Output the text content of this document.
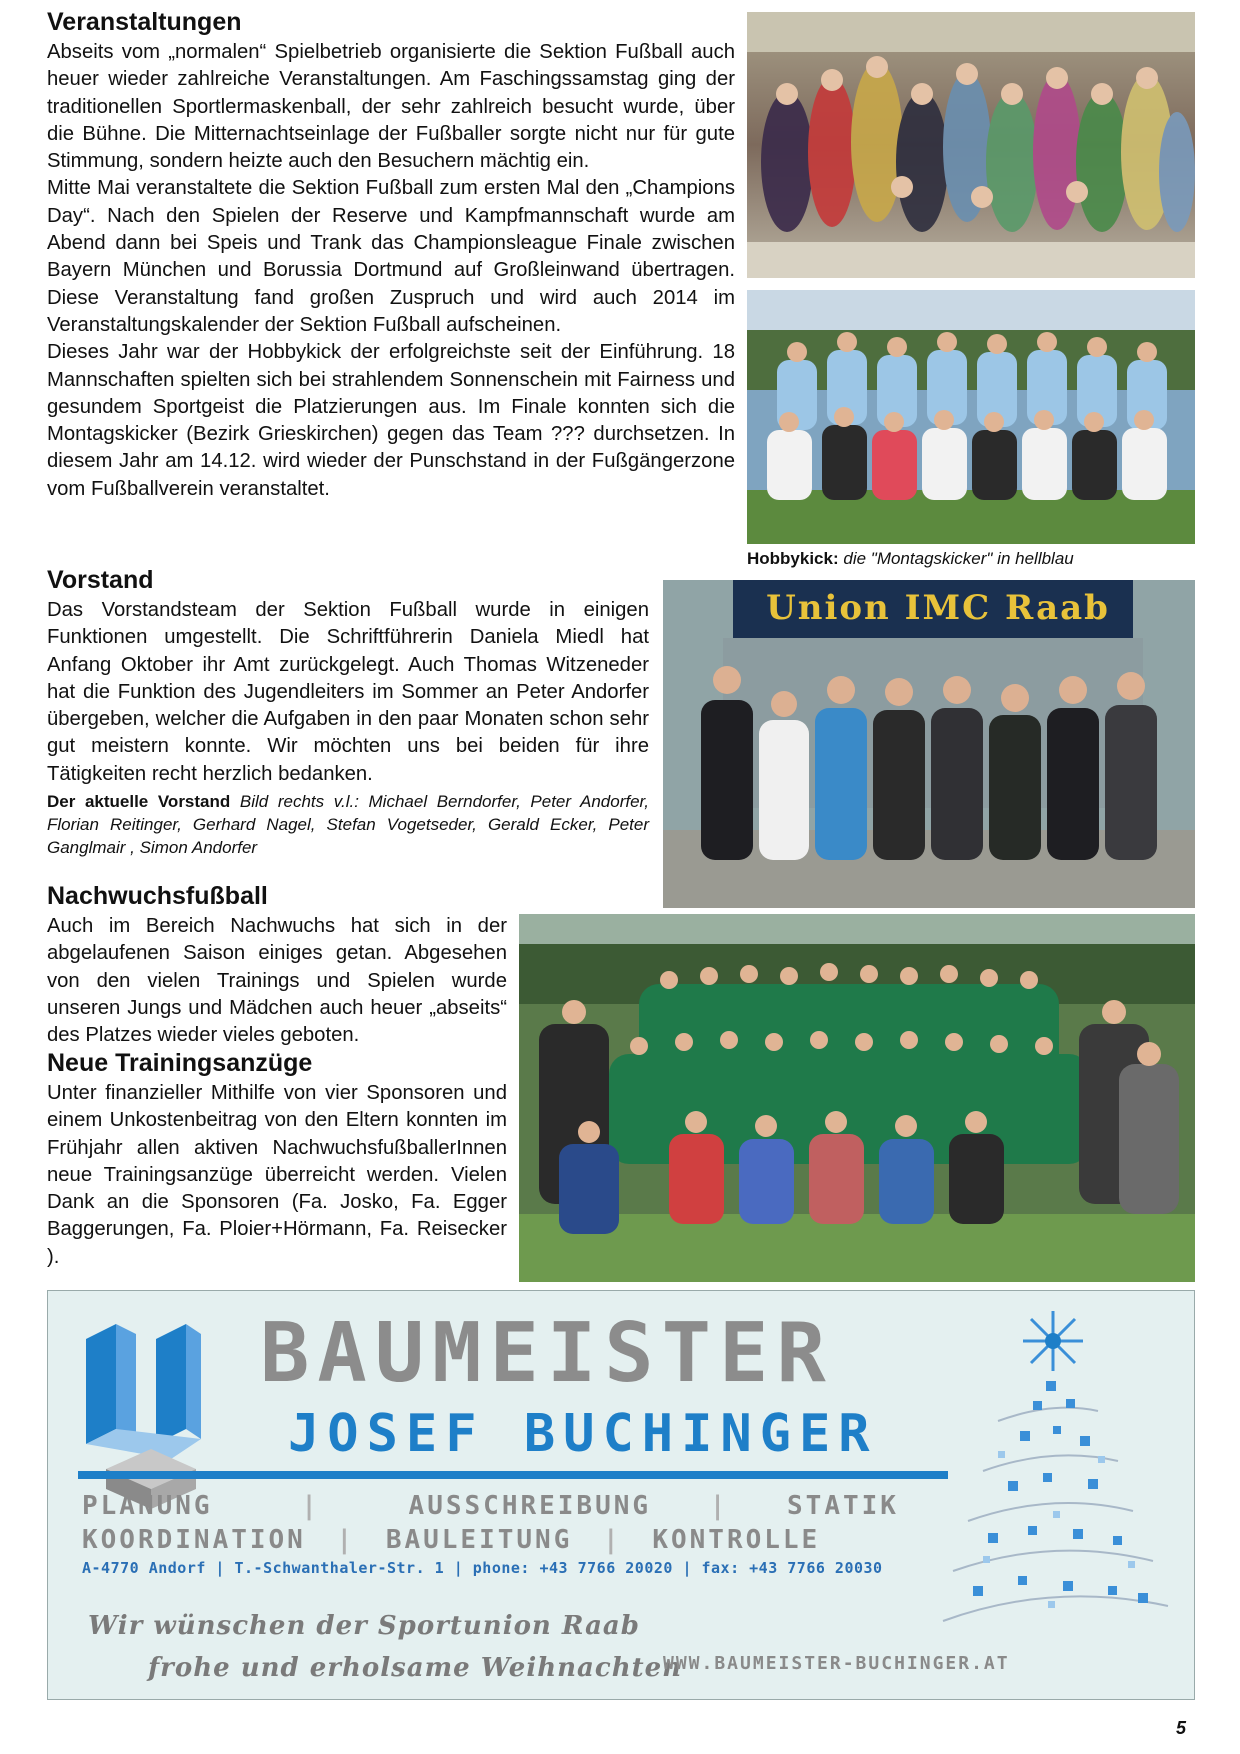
Veranstaltungen

Abseits vom „normalen“ Spielbetrieb organisierte die Sektion Fußball auch heuer wieder zahlreiche Veranstaltungen. Am Faschingssamstag ging der traditionellen Sportlermaskenball, der sehr zahlreich besucht wurde, über die Bühne. Die Mitternachtseinlage der Fußballer sorgte nicht nur für gute Stimmung, sondern heizte auch den Besuchern mächtig ein.

Mitte Mai veranstaltete die Sektion Fußball zum ersten Mal den „Champions Day“. Nach den Spielen der Reserve und Kampfmannschaft wurde am Abend dann bei Speis und Trank das Championsleague Finale zwischen Bayern München und Borussia Dortmund auf Großleinwand übertragen. Diese Veranstaltung fand großen Zuspruch und wird auch 2014 im Veranstaltungskalender der Sektion Fußball aufscheinen.

Dieses Jahr war der Hobbykick der erfolgreichste seit der Einführung. 18 Mannschaften spielten sich bei strahlendem Sonnenschein mit Fairness und gesundem Sportgeist die Platzierungen aus. Im Finale konnten sich die Montagskicker (Bezirk Grieskirchen) gegen das Team ??? durchsetzen. In diesem Jahr am 14.12. wird wieder der Punschstand in der Fußgängerzone vom Fußballverein veranstaltet.

Hobbykick: die "Montagskicker" in hellblau
Vorstand

Das Vorstandsteam der Sektion Fußball wurde in einigen Funktionen umgestellt. Die Schriftführerin Daniela Miedl hat Anfang Oktober ihr Amt zurückgelegt. Auch Thomas Witzeneder hat die Funktion des Jugendleiters im Sommer an Peter Andorfer übergeben, welcher die Aufgaben in den paar Monaten schon sehr gut meistern konnte. Wir möchten uns bei beiden für ihre Tätigkeiten recht herzlich bedanken.

Der aktuelle Vorstand Bild rechts v.l.: Michael Berndorfer, Peter Andorfer, Florian Reitinger, Gerhard Nagel, Stefan Vogetseder, Gerald Ecker, Peter Ganglmair , Simon Andorfer
Union IMC Raab
Nachwuchsfußball

Auch im Bereich Nachwuchs hat sich in der abgelaufenen Saison einiges getan. Abgesehen von den vielen Trainings und Spielen wurde unseren Jungs und Mädchen auch heuer „abseits“ des Platzes wieder vieles geboten.

Neue Trainingsanzüge

Unter finanzieller Mithilfe von vier Sponsoren und einem Unkostenbeitrag von den Eltern konnten im Frühjahr allen aktiven NachwuchsfußballerInnen neue Trainingsanzüge überreicht werden. Vielen Dank an die Sponsoren (Fa. Josko, Fa. Egger Baggerungen, Fa. Ploier+Hörmann, Fa. Reisecker ).

BAUMEISTER
JOSEF BUCHINGER
PLANUNG	|	AUSSCHREIBUNG | STATIK
KOORDINATION | BAULEITUNG | KONTROLLE
A-4770 Andorf | T.-Schwanthaler-Str. 1 | phone: +43 7766 20020 | fax: +43 7766 20030
Wir wünschen der Sportunion Raab
frohe und erholsame Weihnachten
WWW.BAUMEISTER-BUCHINGER.AT
5
